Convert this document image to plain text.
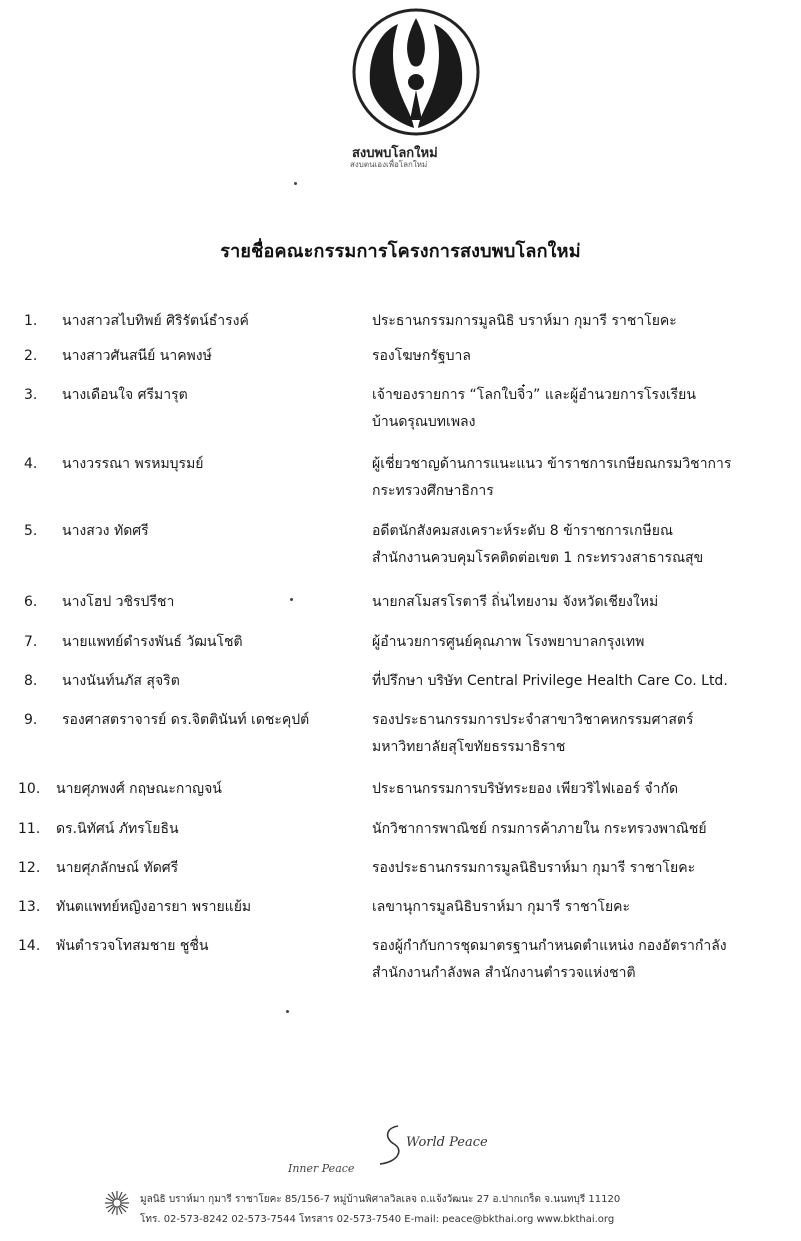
สงบพบโลกใหม่
สงบตนเองเพื่อโลกใหม่
รายชื่อคณะกรรมการโครงการสงบพบโลกใหม่
1.	นางสาวสไบทิพย์ ศิริรัตน์ธำรงค์	ประธานกรรมการมูลนิธิ บราห์มา กุมารี ราชาโยคะ
2.	นางสาวศันสนีย์ นาคพงษ์	รองโฆษกรัฐบาล
3.	นางเดือนใจ ศรีมารุต	เจ้าของรายการ “โลกใบจิ๋ว” และผู้อำนวยการโรงเรียน
บ้านดรุณบทเพลง
4.	นางวรรณา พรหมบุรมย์	ผู้เชี่ยวชาญด้านการแนะแนว ข้าราชการเกษียณกรมวิชาการ
กระทรวงศึกษาธิการ
5.	นางสวง ทัดศรี	อดีตนักสังคมสงเคราะห์ระดับ 8 ข้าราชการเกษียณ
สำนักงานควบคุมโรคติดต่อเขต 1 กระทรวงสาธารณสุข
6.	นางโฮป วชิรปรีชา	นายกสโมสรโรตารี ถิ่นไทยงาม จังหวัดเชียงใหม่
7.	นายแพทย์ดำรงพันธ์ วัฒนโชติ	ผู้อำนวยการศูนย์คุณภาพ โรงพยาบาลกรุงเทพ
8.	นางนันท์นภัส สุจริต	ที่ปรึกษา บริษัท Central Privilege Health Care Co. Ltd.
9.	รองศาสตราจารย์ ดร.จิตตินันท์ เดชะคุปต์	รองประธานกรรมการประจำสาขาวิชาคหกรรมศาสตร์
มหาวิทยาลัยสุโขทัยธรรมาธิราช
10.	นายศุภพงศ์ กฤษณะกาญจน์	ประธานกรรมการบริษัทระยอง เพียวริไฟเออร์ จำกัด
11.	ดร.นิทัศน์ ภัทรโยธิน	นักวิชาการพาณิชย์ กรมการค้าภายใน กระทรวงพาณิชย์
12.	นายศุภลักษณ์ ทัดศรี	รองประธานกรรมการมูลนิธิบราห์มา กุมารี ราชาโยคะ
13.	ทันตแพทย์หญิงอารยา พรายแย้ม	เลขานุการมูลนิธิบราห์มา กุมารี ราชาโยคะ
14.	พันตำรวจโทสมชาย ชูชื่น	รองผู้กำกับการชุดมาตรฐานกำหนดตำแหน่ง กองอัตรากำลัง
สำนักงานกำลังพล สำนักงานตำรวจแห่งชาติ
World Peace
Inner Peace
มูลนิธิ บราห์มา กุมารี ราชาโยคะ 85/156-7 หมู่บ้านพิศาลวิลเลจ ถ.แจ้งวัฒนะ 27 อ.ปากเกร็ด จ.นนทบุรี 11120
โทร. 02-573-8242 02-573-7544 โทรสาร 02-573-7540 E-mail: peace@bkthai.org www.bkthai.org
